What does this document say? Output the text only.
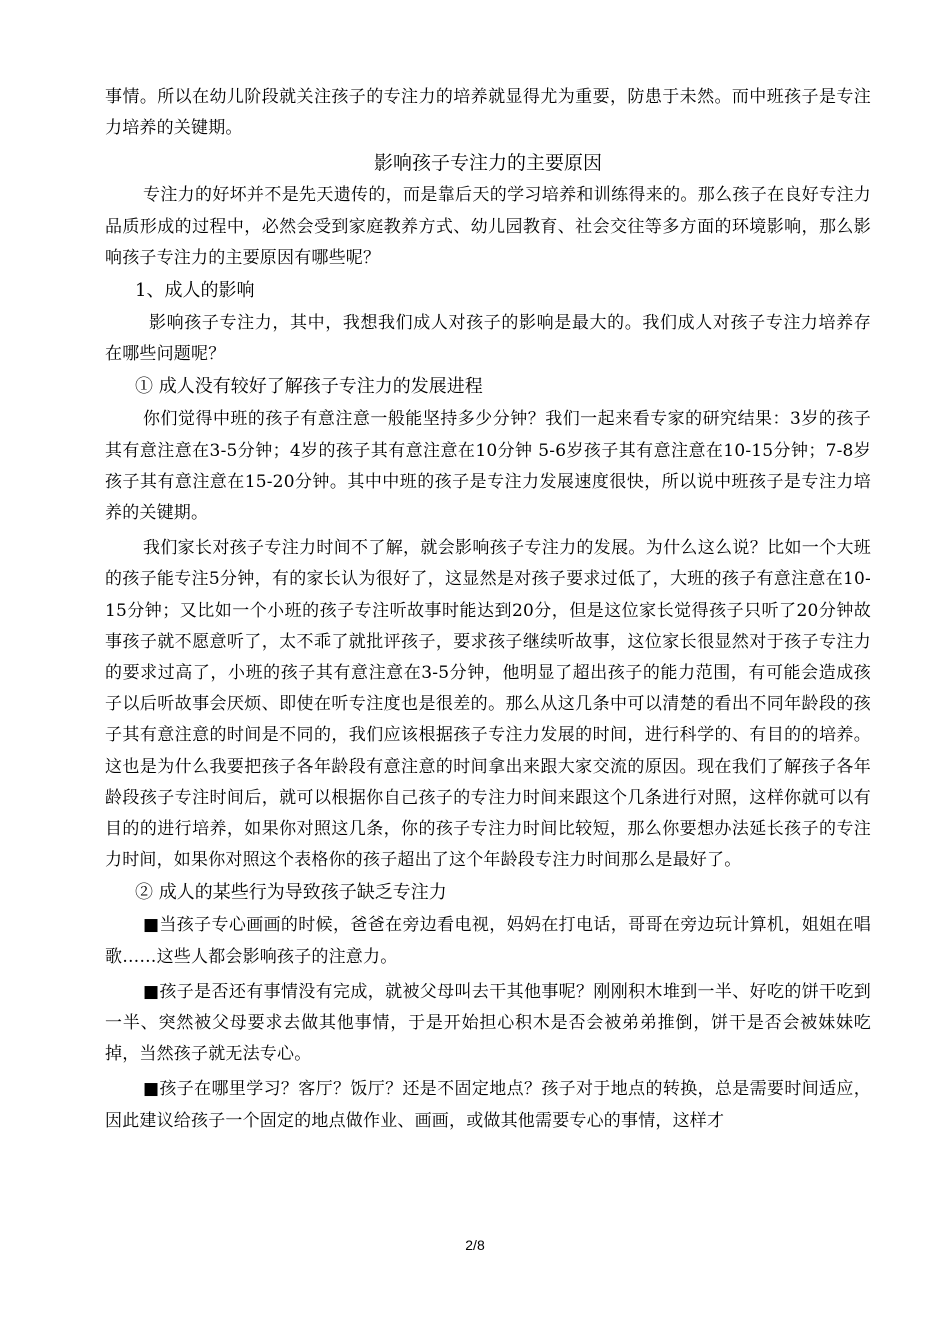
事情。所以在幼儿阶段就关注孩子的专注力的培养就显得尤为重要，防患于未然。而中班孩子是专注力培养的关键期。

影响孩子专注力的主要原因

专注力的好坏并不是先天遗传的，而是靠后天的学习培养和训练得来的。那么孩子在良好专注力品质形成的过程中，必然会受到家庭教养方式、幼儿园教育、社会交往等多方面的环境影响，那么影响孩子专注力的主要原因有哪些呢？

1、成人的影响

影响孩子专注力，其中，我想我们成人对孩子的影响是最大的。我们成人对孩子专注力培养存在哪些问题呢？

① 成人没有较好了解孩子专注力的发展进程

你们觉得中班的孩子有意注意一般能坚持多少分钟？我们一起来看专家的研究结果：3岁的孩子其有意注意在3-5分钟；4岁的孩子其有意注意在10分钟 5-6岁孩子其有意注意在10-15分钟；7-8岁孩子其有意注意在15-20分钟。其中中班的孩子是专注力发展速度很快，所以说中班孩子是专注力培养的关键期。

我们家长对孩子专注力时间不了解，就会影响孩子专注力的发展。为什么这么说？比如一个大班的孩子能专注5分钟，有的家长认为很好了，这显然是对孩子要求过低了，大班的孩子有意注意在10-15分钟；又比如一个小班的孩子专注听故事时能达到20分，但是这位家长觉得孩子只听了20分钟故事孩子就不愿意听了，太不乖了就批评孩子，要求孩子继续听故事，这位家长很显然对于孩子专注力的要求过高了，小班的孩子其有意注意在3-5分钟，他明显了超出孩子的能力范围，有可能会造成孩子以后听故事会厌烦、即使在听专注度也是很差的。那么从这几条中可以清楚的看出不同年龄段的孩子其有意注意的时间是不同的，我们应该根据孩子专注力发展的时间，进行科学的、有目的的培养。这也是为什么我要把孩子各年龄段有意注意的时间拿出来跟大家交流的原因。现在我们了解孩子各年龄段孩子专注时间后，就可以根据你自己孩子的专注力时间来跟这个几条进行对照，这样你就可以有目的的进行培养，如果你对照这几条，你的孩子专注力时间比较短，那么你要想办法延长孩子的专注力时间，如果你对照这个表格你的孩子超出了这个年龄段专注力时间那么是最好了。

② 成人的某些行为导致孩子缺乏专注力

■当孩子专心画画的时候，爸爸在旁边看电视，妈妈在打电话，哥哥在旁边玩计算机，姐姐在唱歌……这些人都会影响孩子的注意力。

■孩子是否还有事情没有完成，就被父母叫去干其他事呢？刚刚积木堆到一半、好吃的饼干吃到一半、突然被父母要求去做其他事情，于是开始担心积木是否会被弟弟推倒，饼干是否会被妹妹吃掉，当然孩子就无法专心。

■孩子在哪里学习？客厅？饭厅？还是不固定地点？孩子对于地点的转换，总是需要时间适应，因此建议给孩子一个固定的地点做作业、画画，或做其他需要专心的事情，这样才

2/8
